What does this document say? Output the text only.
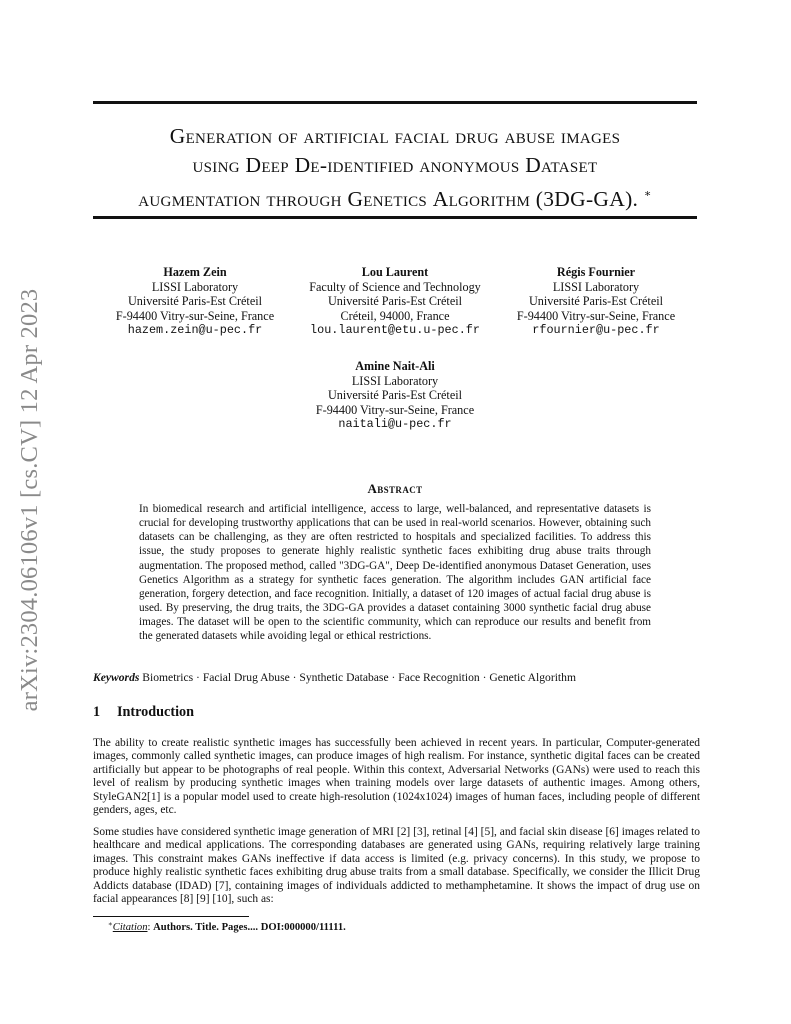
Generation of artificial facial drug abuse images
using Deep De-identified anonymous Dataset
augmentation through Genetics Algorithm (3DG-GA). ∗
arXiv:2304.06106v1 [cs.CV] 12 Apr 2023
Hazem Zein
LISSI Laboratory
Université Paris-Est Créteil
F-94400 Vitry-sur-Seine, France
hazem.zein@u-pec.fr
Lou Laurent
Faculty of Science and Technology
Université Paris-Est Créteil
Créteil, 94000, France
lou.laurent@etu.u-pec.fr
Régis Fournier
LISSI Laboratory
Université Paris-Est Créteil
F-94400 Vitry-sur-Seine, France
rfournier@u-pec.fr
Amine Nait-Ali
LISSI Laboratory
Université Paris-Est Créteil
F-94400 Vitry-sur-Seine, France
naitali@u-pec.fr
Abstract
In biomedical research and artificial intelligence, access to large, well-balanced, and representative datasets is crucial for developing trustworthy applications that can be used in real-world scenarios. However, obtaining such datasets can be challenging, as they are often restricted to hospitals and specialized facilities. To address this issue, the study proposes to generate highly realistic synthetic faces exhibiting drug abuse traits through augmentation. The proposed method, called "3DG-GA", Deep De-identified anonymous Dataset Generation, uses Genetics Algorithm as a strategy for synthetic faces generation. The algorithm includes GAN artificial face generation, forgery detection, and face recognition. Initially, a dataset of 120 images of actual facial drug abuse is used. By preserving, the drug traits, the 3DG-GA provides a dataset containing 3000 synthetic facial drug abuse images. The dataset will be open to the scientific community, which can reproduce our results and benefit from the generated datasets while avoiding legal or ethical restrictions.
Keywords Biometrics · Facial Drug Abuse · Synthetic Database · Face Recognition · Genetic Algorithm
1 Introduction

The ability to create realistic synthetic images has successfully been achieved in recent years. In particular, Computer-generated images, commonly called synthetic images, can produce images of high realism. For instance, synthetic digital faces can be created artificially but appear to be photographs of real people. Within this context, Adversarial Networks (GANs) were used to reach this level of realism by producing synthetic images when training models over large datasets of authentic images. Among others, StyleGAN2[1] is a popular model used to create high-resolution (1024x1024) images of human faces, including people of different genders, ages, etc.

Some studies have considered synthetic image generation of MRI [2] [3], retinal [4] [5], and facial skin disease [6] images related to healthcare and medical applications. The corresponding databases are generated using GANs, requiring relatively large training images. This constraint makes GANs ineffective if data access is limited (e.g. privacy concerns). In this study, we propose to produce highly realistic synthetic faces exhibiting drug abuse traits from a small database. Specifically, we consider the Illicit Drug Addicts database (IDAD) [7], containing images of individuals addicted to methamphetamine. It shows the impact of drug use on facial appearances [8] [9] [10], such as:

∗Citation: Authors. Title. Pages.... DOI:000000/11111.
